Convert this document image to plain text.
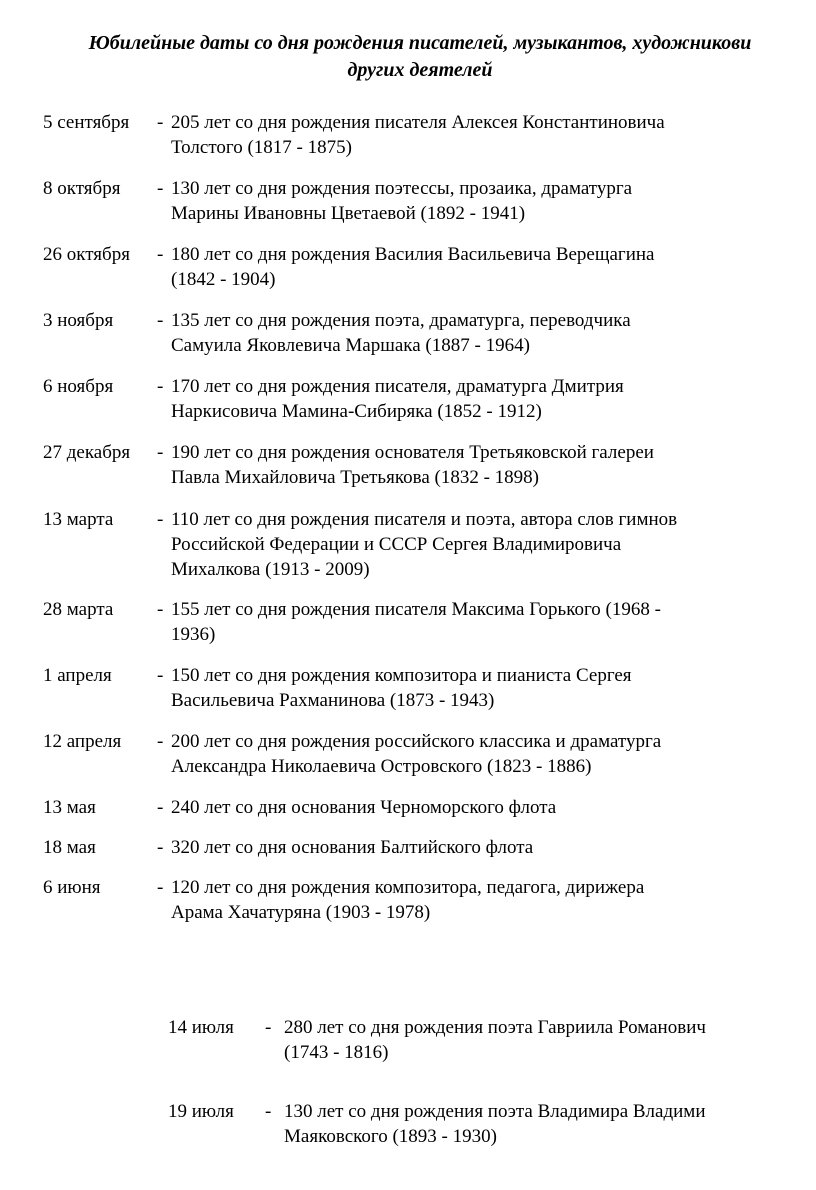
Юбилейные даты со дня рождения писателей, музыкантов, художникови
других деятелей
5 сентября - 205 лет со дня рождения писателя Алексея Константиновича
Толстого (1817 - 1875)
8 октября - 130 лет со дня рождения поэтессы, прозаика, драматурга
Марины Ивановны Цветаевой (1892 - 1941)
26 октября - 180 лет со дня рождения Василия Васильевича Верещагина
(1842 - 1904)
3 ноября - 135 лет со дня рождения поэта, драматурга, переводчика
Самуила Яковлевича Маршака (1887 - 1964)
6 ноября - 170 лет со дня рождения писателя, драматурга Дмитрия
Наркисовича Мамина-Сибиряка (1852 - 1912)
27 декабря - 190 лет со дня рождения основателя Третьяковской галереи
Павла Михайловича Третьякова (1832 - 1898)
13 марта - 110 лет со дня рождения писателя и поэта, автора слов гимнов
Российской Федерации и СССР Сергея Владимировича
Михалкова (1913 - 2009)
28 марта - 155 лет со дня рождения писателя Максима Горького (1968 -
1936)
1 апреля - 150 лет со дня рождения композитора и пианиста Сергея
Васильевича Рахманинова (1873 - 1943)
12 апреля - 200 лет со дня рождения российского классика и драматурга
Александра Николаевича Островского (1823 - 1886)
13 мая	- 240 лет со дня основания Черноморского флота
18 мая	- 320 лет со дня основания Балтийского флота
6 июня	- 120 лет со дня рождения композитора, педагога, дирижера
Арама Хачатуряна (1903 - 1978)
14 июля - 280 лет со дня рождения поэта Гавриила Романович
(1743 - 1816)
19 июля - 130 лет со дня рождения поэта Владимира Владими
Маяковского (1893 - 1930)
